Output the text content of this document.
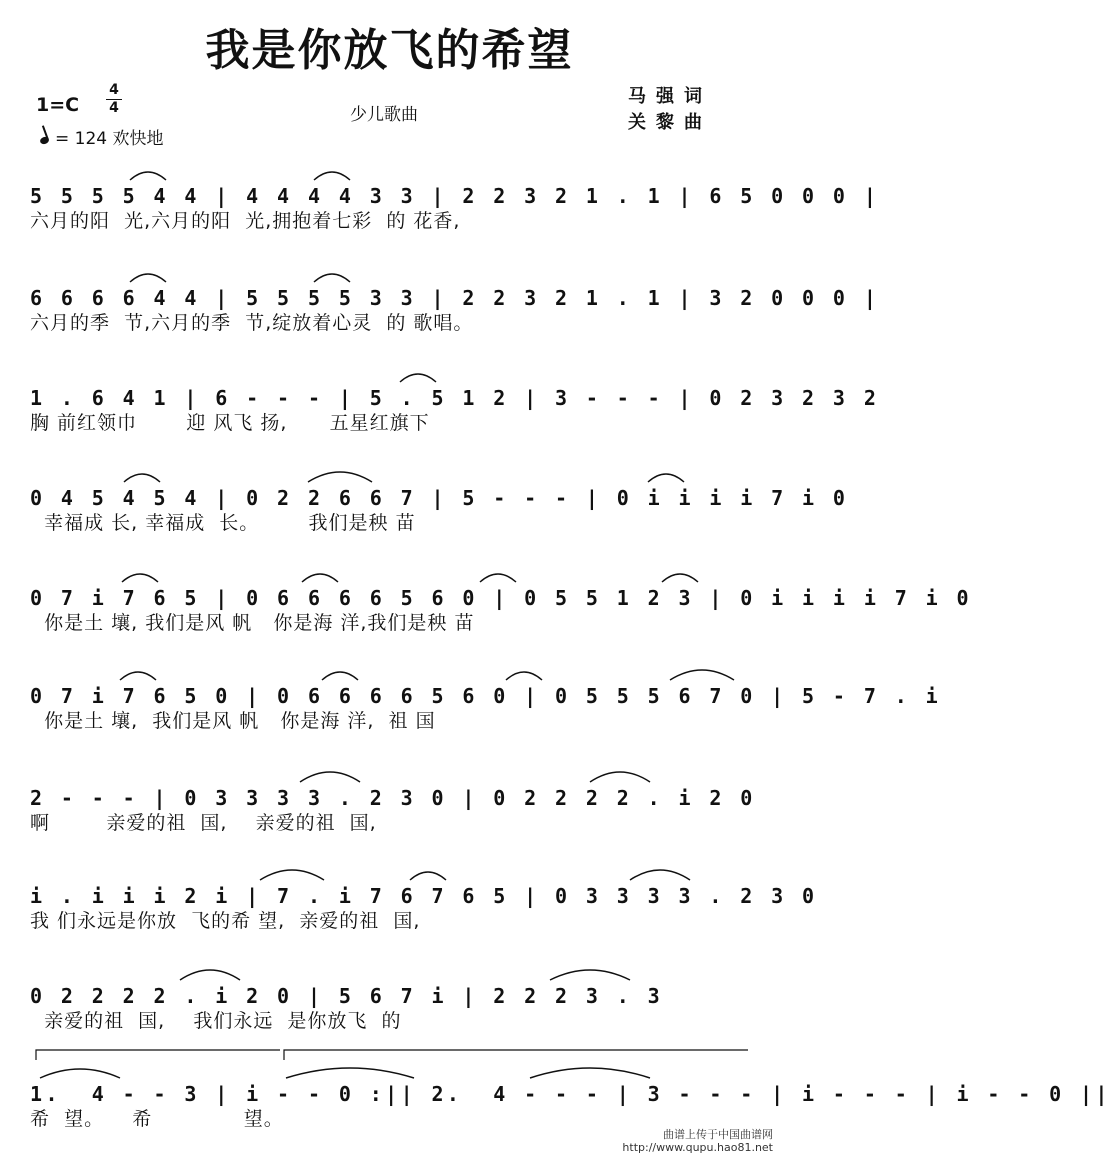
我是你放飞的希望
1=C
4
4
= 124 欢快地
少儿歌曲
马强词
关黎曲
5 5 5 5 4 4 | 4 4 4 4 3 3 | 2 2 3 2 1 . 1 | 6 5 0 0 0 |
六月的阳  光,六月的阳  光,拥抱着七彩  的 花香,
6 6 6 6 4 4 | 5 5 5 5 3 3 | 2 2 3 2 1 . 1 | 3 2 0 0 0 |
六月的季  节,六月的季  节,绽放着心灵  的 歌唱。
1 . 6 4 1 | 6 - - - | 5 . 5 1 2 | 3 - - - | 0 2 3 2 3 2
胸 前红领巾       迎 风飞 扬,      五星红旗下
0 4 5 4 5 4 | 0 2 2 6 6 7 | 5 - - - | 0 i i i i 7 i 0
幸福成 长, 幸福成  长。       我们是秧 苗
0 7 i 7 6 5 | 0 6 6 6 6 5 6 0 | 0 5 5 1 2 3 | 0 i i i i 7 i 0
你是土 壤, 我们是风 帆   你是海 洋,我们是秧 苗
0 7 i 7 6 5 0 | 0 6 6 6 6 5 6 0 | 0 5 5 5 6 7 0 | 5 - 7 . i
你是土 壤,  我们是风 帆   你是海 洋,  祖 国
2 - - - | 0 3 3 3 3 . 2 3 0 | 0 2 2 2 2 . i 2 0
啊        亲爱的祖  国,    亲爱的祖  国,
i . i i i 2 i | 7 . i 7 6 7 6 5 | 0 3 3 3 3 . 2 3 0
我 们永远是你放  飞的希 望,  亲爱的祖  国,
0 2 2 2 2 . i 2 0 | 5 6 7 i | 2 2 2 3 . 3
亲爱的祖  国,    我们永远  是你放飞  的
1.  4 - - 3 | i - - 0 :|| 2.  4 - - - | 3 - - - | i - - - | i - - 0 ||
希  望。    希             望。
曲谱上传于中国曲谱网
http://www.qupu.hao81.net
